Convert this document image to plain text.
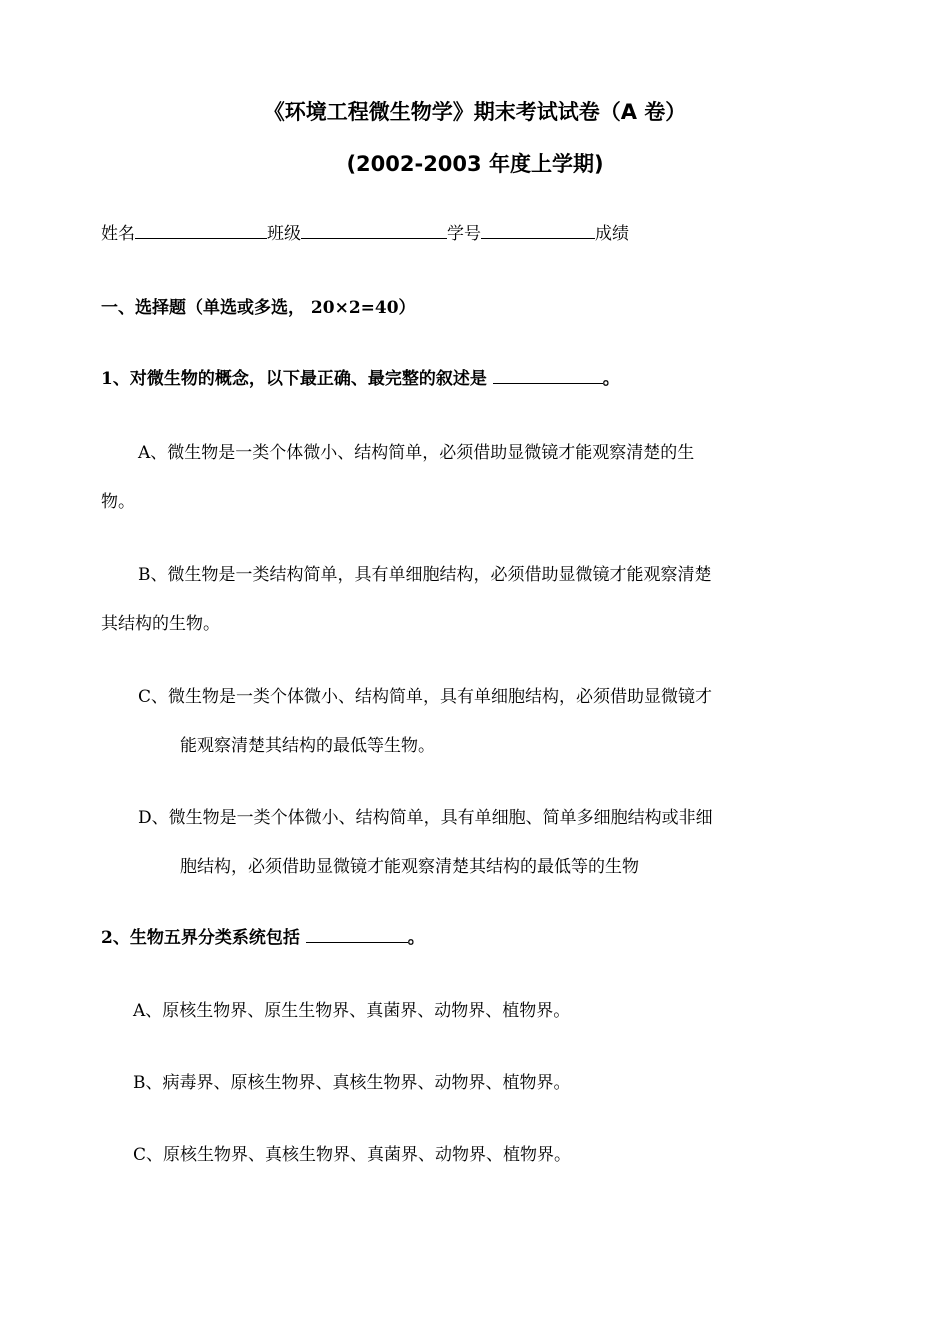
《环境工程微生物学》期末考试试卷（A 卷）
(2002-2003 年度上学期)
姓名	班级	学号	成绩
一、选择题（单选或多选， 20×2=40）
1、对微生物的概念，以下最正确、最完整的叙述是	。
A、微生物是一类个体微小、结构简单，必须借助显微镜才能观察清楚的生
物。
B、微生物是一类结构简单，具有单细胞结构，必须借助显微镜才能观察清楚
其结构的生物。
C、微生物是一类个体微小、结构简单，具有单细胞结构，必须借助显微镜才
能观察清楚其结构的最低等生物。
D、微生物是一类个体微小、结构简单，具有单细胞、简单多细胞结构或非细
胞结构，必须借助显微镜才能观察清楚其结构的最低等的生物
2、生物五界分类系统包括	。
A、原核生物界、原生生物界、真菌界、动物界、植物界。
B、病毒界、原核生物界、真核生物界、动物界、植物界。
C、原核生物界、真核生物界、真菌界、动物界、植物界。
